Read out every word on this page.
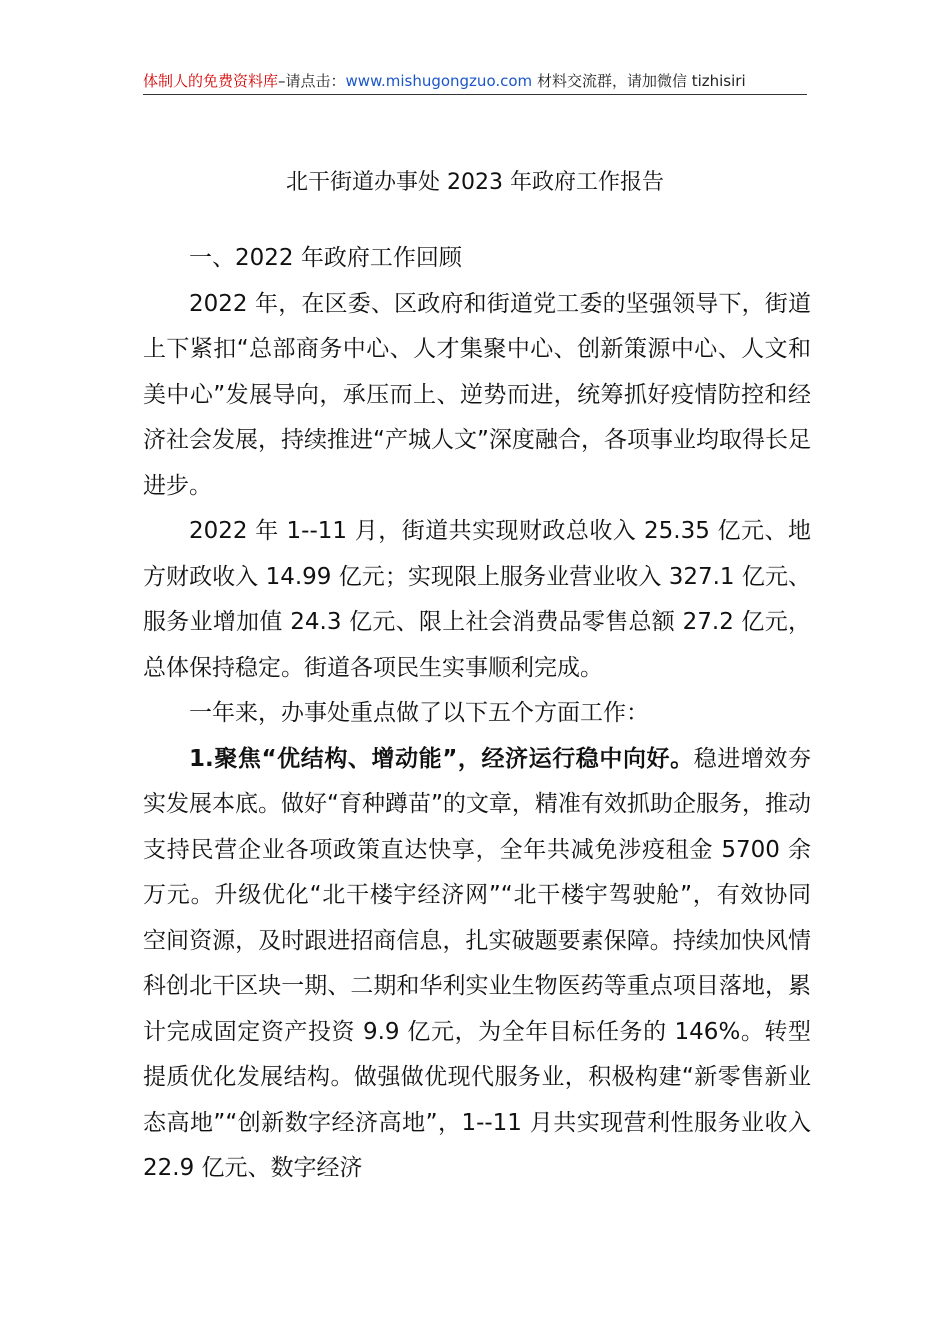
体制人的免费资料库–请点击：www.mishugongzuo.com 材料交流群，请加微信 tizhisiri
北干街道办事处 2023 年政府工作报告

一、2022 年政府工作回顾

2022 年，在区委、区政府和街道党工委的坚强领导下，街道上下紧扣“总部商务中心、人才集聚中心、创新策源中心、人文和美中心”发展导向，承压而上、逆势而进，统筹抓好疫情防控和经济社会发展，持续推进“产城人文”深度融合，各项事业均取得长足进步。

2022 年 1--11 月，街道共实现财政总收入 25.35 亿元、地方财政收入 14.99 亿元；实现限上服务业营业收入 327.1 亿元、服务业增加值 24.3 亿元、限上社会消费品零售总额 27.2 亿元，总体保持稳定。街道各项民生实事顺利完成。

一年来，办事处重点做了以下五个方面工作：

1.聚焦“优结构、增动能”，经济运行稳中向好。稳进增效夯实发展本底。做好“育种蹲苗”的文章，精准有效抓助企服务，推动支持民营企业各项政策直达快享，全年共减免涉疫租金 5700 余万元。升级优化“北干楼宇经济网”“北干楼宇驾驶舱”，有效协同空间资源，及时跟进招商信息，扎实破题要素保障。持续加快风情科创北干区块一期、二期和华利实业生物医药等重点项目落地，累计完成固定资产投资 9.9 亿元，为全年目标任务的 146%。转型提质优化发展结构。做强做优现代服务业，积极构建“新零售新业态高地”“创新数字经济高地”，1--11 月共实现营利性服务业收入 22.9 亿元、数字经济
